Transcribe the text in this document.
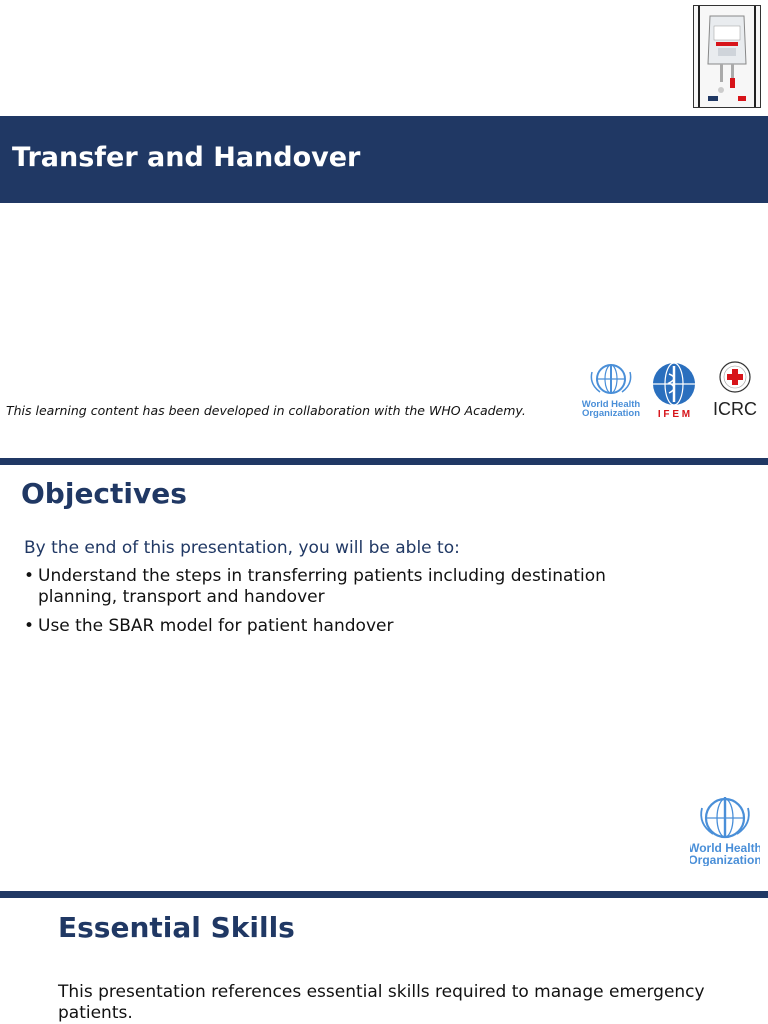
Transfer and Handover
This learning content has been developed in collaboration with the WHO Academy.	World Health
Organization I F E M ICRC
Objectives
By the end of this presentation, you will be able to:
• Understand the steps in transferring patients including destination planning, transport and handover
• Use the SBAR model for patient handover
World Health
Organization
Essential Skills
This presentation references essential skills required to manage emergency patients.
